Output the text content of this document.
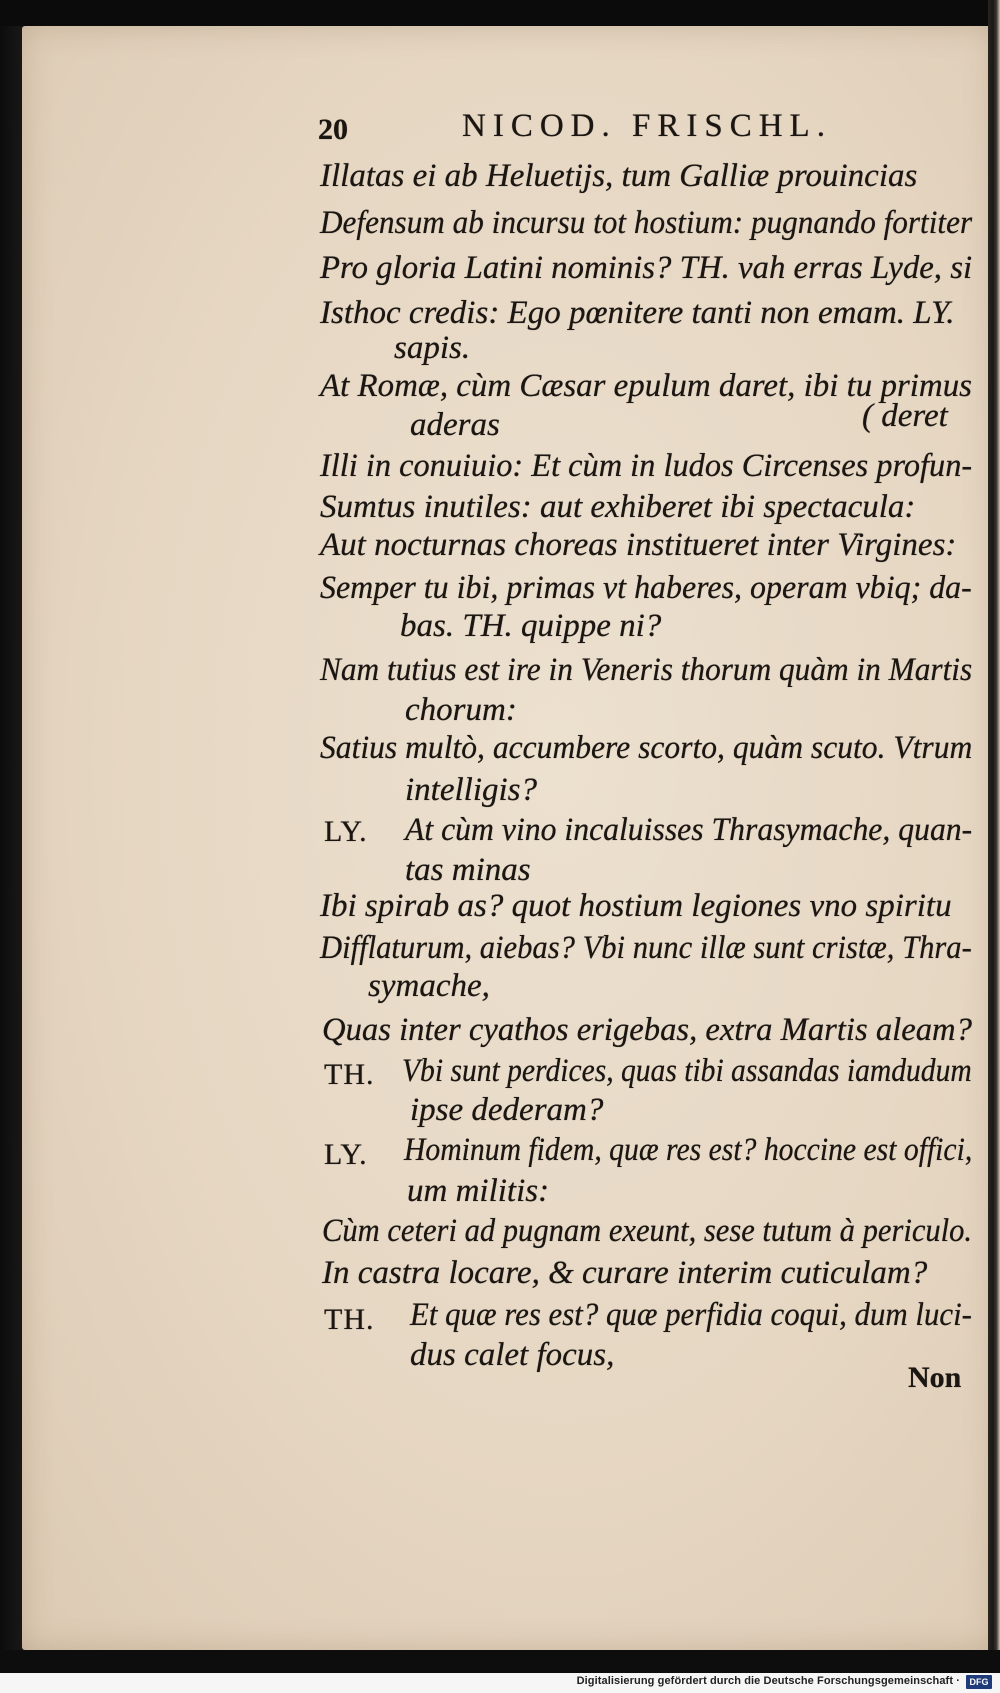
20	NICOD. FRISCHL.
Illatas ei ab Heluetijs, tum Galliæ prouincias
Defensum ab incursu tot hostium: pugnando fortiter
Pro gloria Latini nominis? TH. vah erras Lyde, si
Isthoc credis: Ego pœnitere tanti non emam. LY.
sapis.
At Romæ, cùm Cæsar epulum daret, ibi tu primus
aderas	( deret
Illi in conuiuio: Et cùm in ludos Circenses profun-
Sumtus inutiles: aut exhiberet ibi spectacula:
Aut nocturnas choreas institueret inter Virgines:
Semper tu ibi, primas vt haberes, operam vbiq; da-
bas. TH. quippe ni?
Nam tutius est ire in Veneris thorum quàm in Martis
chorum:
Satius multò, accumbere scorto, quàm scuto. Vtrum
intelligis?
LY. At cùm vino incaluisses Thrasymache, quan-
tas minas
Ibi spirab as? quot hostium legiones vno spiritu
Difflaturum, aiebas? Vbi nunc illæ sunt cristæ, Thra-
symache,
Quas inter cyathos erigebas, extra Martis aleam?
TH. Vbi sunt perdices, quas tibi assandas iamdudum
ipse dederam?
LY. Hominum fidem, quæ res est? hoccine est offici,
um militis:
Cùm ceteri ad pugnam exeunt, sese tutum à periculo.
In castra locare, & curare interim cuticulam?
TH. Et quæ res est? quæ perfidia coqui, dum luci-
dus calet focus,
Non
Digitalisierung gefördert durch die Deutsche Forschungsgemeinschaft ·	DFG
